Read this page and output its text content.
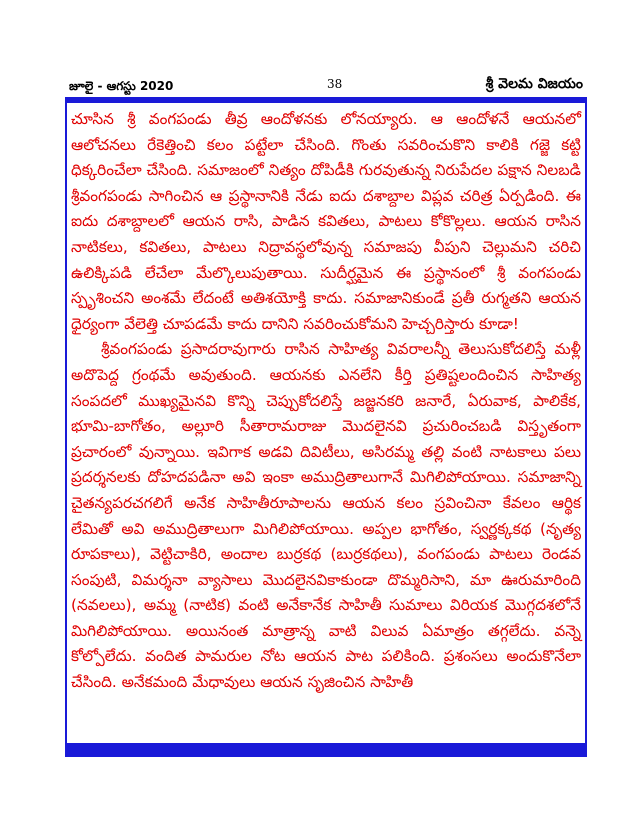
జూలై - ఆగస్టు 2020	38	శ్రీ వెలమ విజయం

చూసిన శ్రీ వంగపండు తీవ్ర ఆందోళనకు లోనయ్యారు. ఆ ఆందోళనే ఆయనలో ఆలోచనలు రేకెత్తించి కలం పట్టేలా చేసింది. గొంతు సవరించుకొని కాలికి గజ్జె కట్టి ధిక్కరించేలా చేసింది. సమాజంలో నిత్యం దోపిడీకి గురవుతున్న నిరుపేదల పక్షాన నిలబడి శ్రీవంగపండు సాగించిన ఆ ప్రస్థానానికి నేడు ఐదు దశాబ్దాల విప్లవ చరిత్ర ఏర్పడింది. ఈ ఐదు దశాబ్దాలలో ఆయన రాసి, పాడిన కవితలు, పాటలు కోకొల్లలు. ఆయన రాసిన నాటికలు, కవితలు, పాటలు నిద్రావస్థలోవున్న సమాజపు వీపుని చెల్లుమని చరిచి ఉలిక్కిపడి లేచేలా మేల్కొలుపుతాయి. సుదీర్ఘమైన ఈ ప్రస్థానంలో శ్రీ వంగపండు స్పృశించని అంశమే లేదంటే అతిశయోక్తి కాదు. సమాజానికుండే ప్రతీ రుగ్మతని ఆయన ధైర్యంగా వేలెత్తి చూపడమే కాదు దానిని సవరించుకోమని హెచ్చరిస్తారు కూడా!

శ్రీవంగపండు ప్రసాదరావుగారు రాసిన సాహిత్య వివరాలన్నీ తెలుసుకోదలిస్తే మళ్లీ అదొపెద్ద గ్రంథమే అవుతుంది. ఆయనకు ఎనలేని కీర్తి ప్రతిష్టలందించిన సాహిత్య సంపదలో ముఖ్యమైనవి కొన్ని చెప్పుకోదలిస్తే జజ్జనకరి జనారే, ఏరువాక, పాలికేక, భూమి-బాగోతం, అల్లూరి సీతారామరాజు మొదలైనవి ప్రచురించబడి విస్తృతంగా ప్రచారంలో వున్నాయి. ఇవిగాక అడవి దివిటీలు, అసిరమ్మ తల్లి వంటి నాటకాలు పలు ప్రదర్శనలకు దోహదపడినా అవి ఇంకా అముద్రితాలుగానే మిగిలిపోయాయి. సమాజాన్ని చైతన్యపరచగలిగే అనేక సాహితీరూపాలను ఆయన కలం స్రవించినా కేవలం ఆర్థిక లేమితో అవి అముద్రితాలుగా మిగిలిపోయాయి. అప్పల భాగోతం, స్వర్ణక్కకథ (నృత్య రూపకాలు), వెట్టిచాకిరి, అందాల బుర్రకథ (బుర్రకథలు), వంగపండు పాటలు రెండవ సంపుటి, విమర్శనా వ్యాసాలు మొదలైనవికాకుండా దొమ్మరిసాని, మా ఊరుమారింది (నవలలు), అమ్మ (నాటిక) వంటి అనేకానేక సాహితీ సుమాలు విరియక మొగ్గదశలోనే మిగిలిపోయాయి. అయినంత మాత్రాన్న వాటి విలువ ఏమాత్రం తగ్గలేదు. వన్నె కోల్పోలేదు. వందిత పామరుల నోట ఆయన పాట పలికింది. ప్రశంసలు అందుకొనేలా చేసింది. అనేకమంది మేధావులు ఆయన సృజించిన సాహితీ
